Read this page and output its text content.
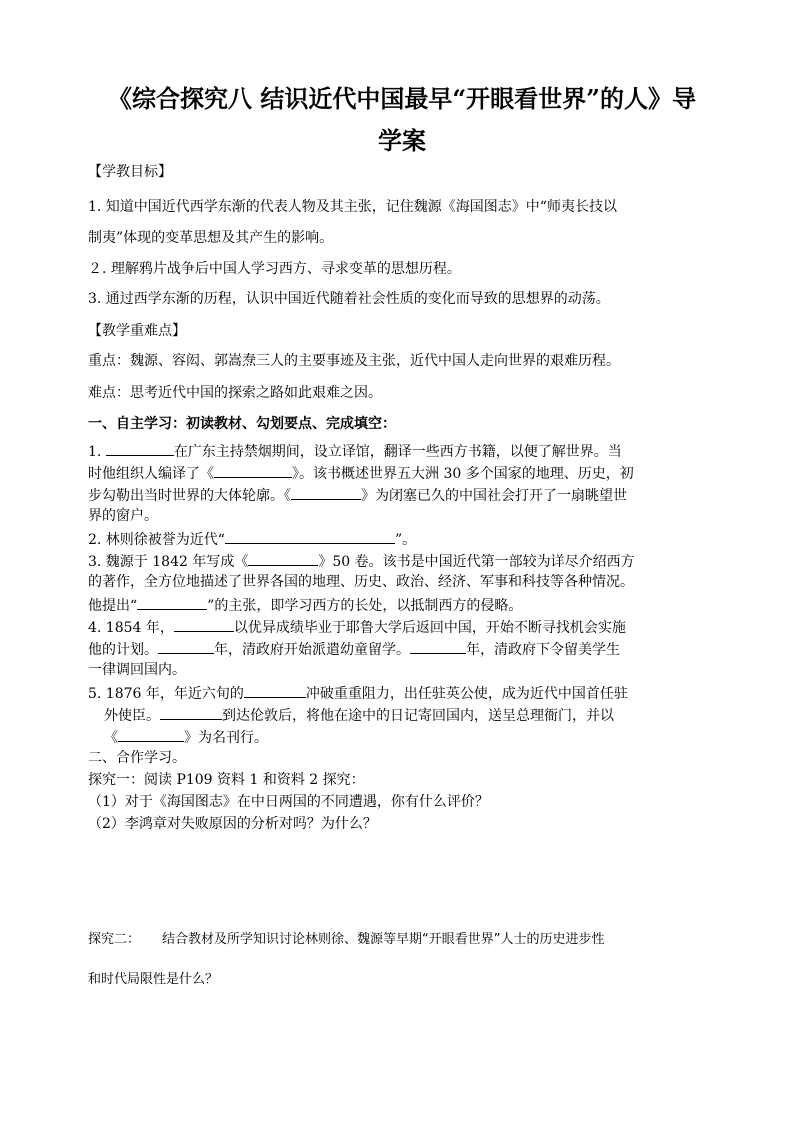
《综合探究八 结识近代中国最早“开眼看世界”的人》导
学案
【学教目标】
1. 知道中国近代西学东渐的代表人物及其主张，记住魏源《海国图志》中“师夷长技以
制夷”体现的变革思想及其产生的影响。
２. 理解鸦片战争后中国人学习西方、寻求变革的思想历程。
3. 通过西学东渐的历程，认识中国近代随着社会性质的变化而导致的思想界的动荡。
【教学重难点】
重点：魏源、容闳、郭嵩焘三人的主要事迹及主张，近代中国人走向世界的艰难历程。
难点：思考近代中国的探索之路如此艰难之因。
一、自主学习：初读教材、勾划要点、完成填空：
1.	在广东主持禁烟期间，设立译馆，翻译一些西方书籍，以便了解世界。当
时他组织人编译了《	》。该书概述世界五大洲 30 多个国家的地理、历史，初
步勾勒出当时世界的大体轮廓。《	》为闭塞已久的中国社会打开了一扇眺望世
界的窗户。
2. 林则徐被誉为近代“	”。
3. 魏源于 1842 年写成《	》50 卷。该书是中国近代第一部较为详尽介绍西方
的著作，全方位地描述了世界各国的地理、历史、政治、经济、军事和科技等各种情况。
他提出“	”的主张，即学习西方的长处，以抵制西方的侵略。
4. 1854 年，	以优异成绩毕业于耶鲁大学后返回中国，开始不断寻找机会实施
他的计划。	年，清政府开始派遣幼童留学。	年，清政府下令留美学生
一律调回国内。
5. 1876 年，年近六旬的	冲破重重阻力，出任驻英公使，成为近代中国首任驻
外使臣。	到达伦敦后，将他在途中的日记寄回国内，送呈总理衙门，并以
《	》为名刊行。
二、合作学习。
探究一：阅读 P109 资料 1 和资料 2 探究：
（1）对于《海国图志》在中日两国的不同遭遇，你有什么评价？
（2）李鸿章对失败原因的分析对吗？为什么？
探究二： 结合教材及所学知识讨论林则徐、魏源等早期“开眼看世界”人士的历史进步性
和时代局限性是什么？
